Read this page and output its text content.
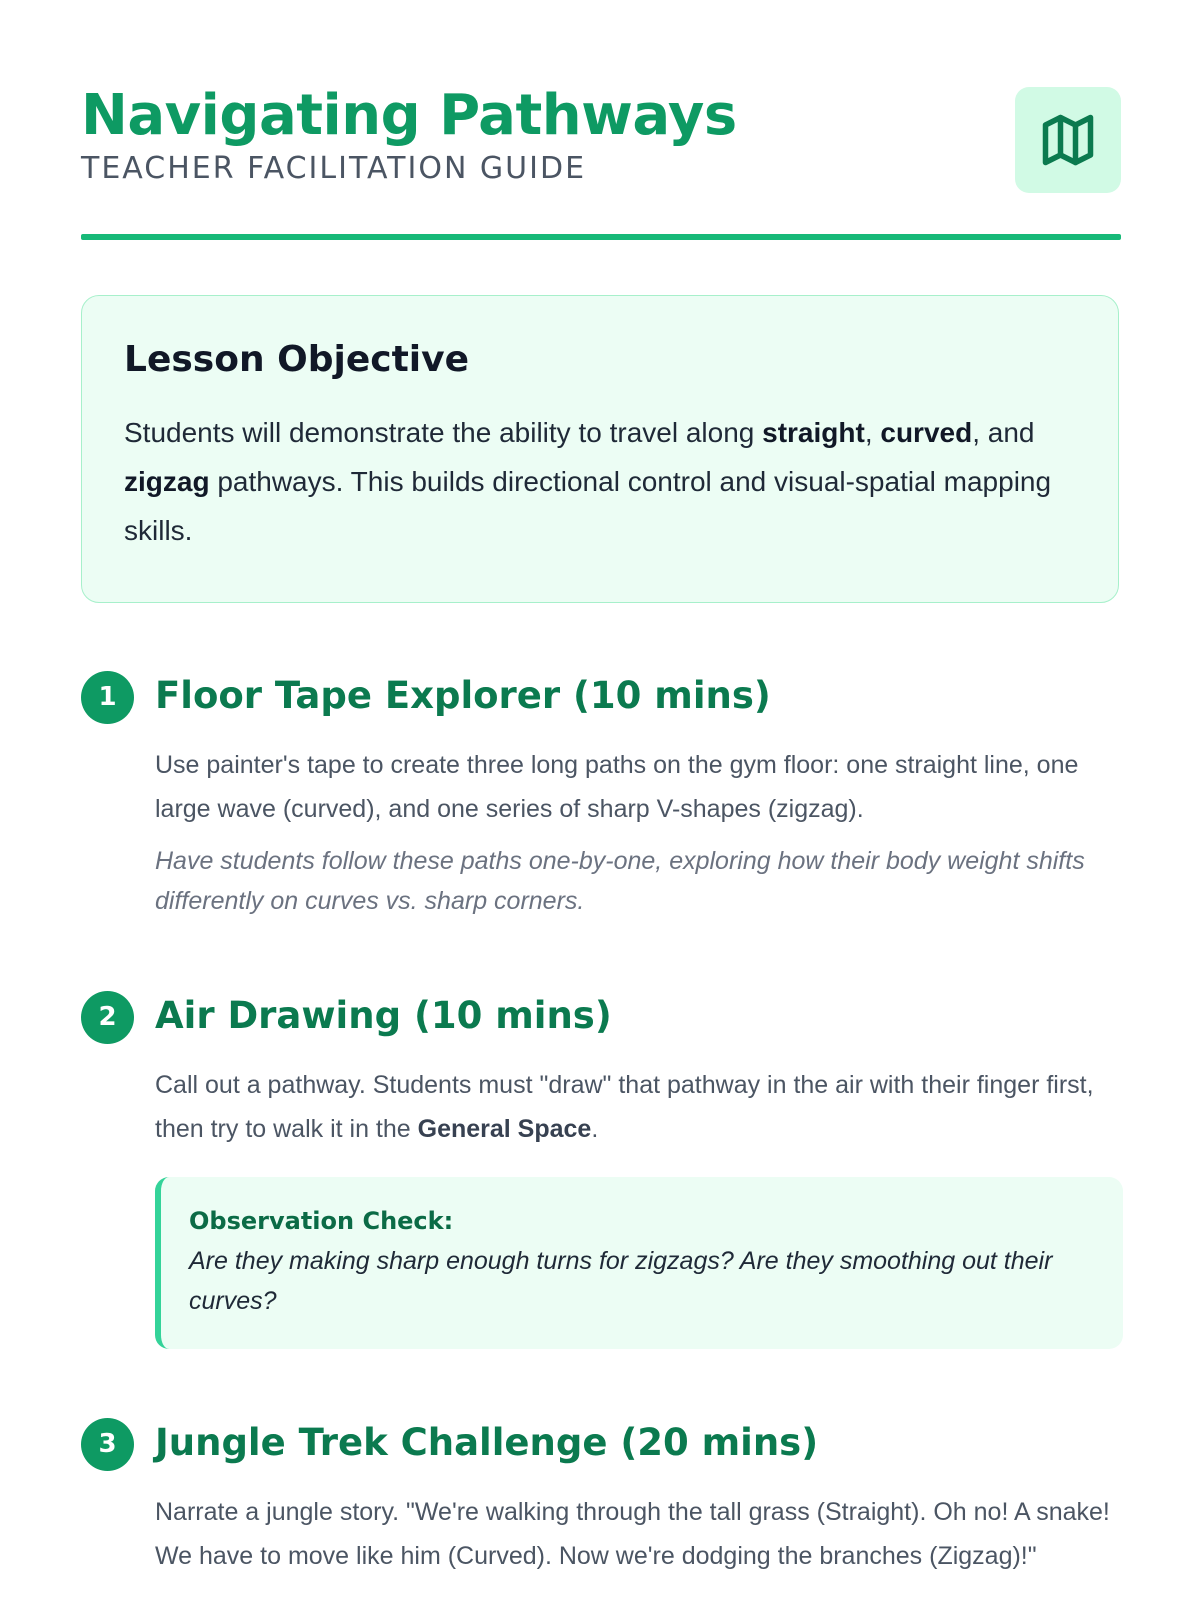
Navigating Pathways

TEACHER FACILITATION GUIDE

Lesson Objective

Students will demonstrate the ability to travel along straight, curved, and zigzag pathways. This builds directional control and visual-spatial mapping skills.

1	Floor Tape Explorer (10 mins)

Use painter's tape to create three long paths on the gym floor: one straight line, one large wave (curved), and one series of sharp V-shapes (zigzag).

Have students follow these paths one-by-one, exploring how their body weight shifts differently on curves vs. sharp corners.

2	Air Drawing (10 mins)

Call out a pathway. Students must "draw" that pathway in the air with their finger first, then try to walk it in the General Space.

Observation Check:

Are they making sharp enough turns for zigzags? Are they smoothing out their curves?

3	Jungle Trek Challenge (20 mins)

Narrate a jungle story. "We're walking through the tall grass (Straight). Oh no! A snake! We have to move like him (Curved). Now we're dodging the branches (Zigzag)!"
